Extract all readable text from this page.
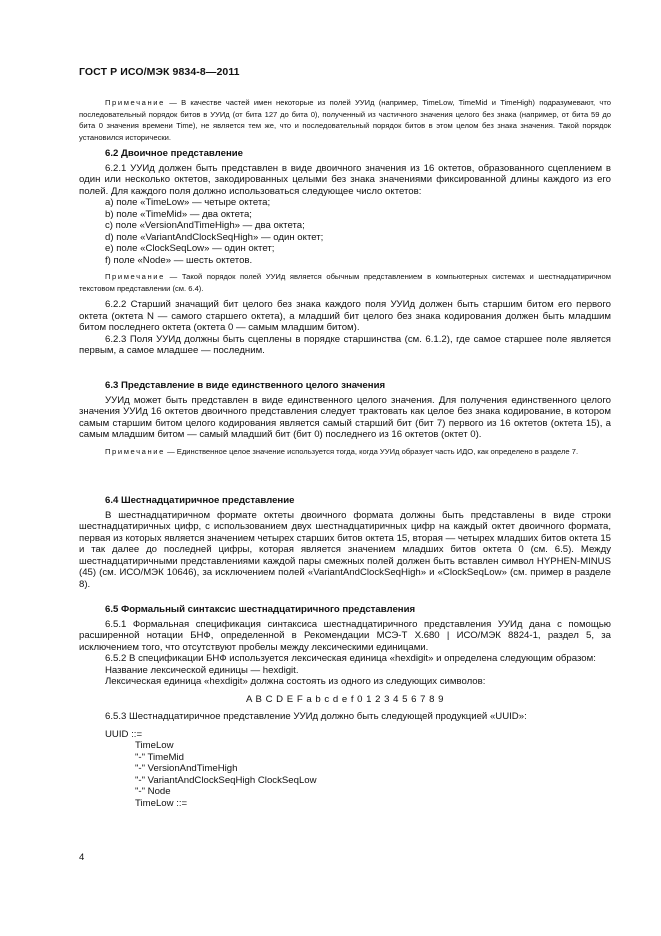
ГОСТ Р ИСО/МЭК 9834-8—2011
Примечание — В качестве частей имен некоторые из полей УУИд (например, TimeLow, TimeMid и TimeHigh) подразумевают, что последовательный порядок битов в УУИд (от бита 127 до бита 0), полученный из частичного значения целого без знака (например, от бита 59 до бита 0 значения времени Time), не является тем же, что и последовательный порядок битов в этом целом без знака значения. Такой порядок установился исторически.
6.2 Двоичное представление
6.2.1 УУИд должен быть представлен в виде двоичного значения из 16 октетов, образованного сцеплением в один или несколько октетов, закодированных целыми без знака значениями фиксированной длины каждого из его полей. Для каждого поля должно использоваться следующее число октетов:
a) поле «TimeLow» — четыре октета;
b) поле «TimeMid» — два октета;
c) поле «VersionAndTimeHigh» — два октета;
d) поле «VariantAndClockSeqHigh» — один октет;
e) поле «ClockSeqLow» — один октет;
f) поле «Node» — шесть октетов.
Примечание — Такой порядок полей УУИд является обычным представлением в компьютерных системах и шестнадцатиричном текстовом представлении (см. 6.4).
6.2.2 Старший значащий бит целого без знака каждого поля УУИд должен быть старшим битом его первого октета (октета N — самого старшего октета), а младший бит целого без знака кодирования должен быть младшим битом последнего октета (октета 0 — самым младшим битом).
6.2.3 Поля УУИд должны быть сцеплены в порядке старшинства (см. 6.1.2), где самое старшее поле является первым, а самое младшее — последним.
6.3 Представление в виде единственного целого значения
УУИд может быть представлен в виде единственного целого значения. Для получения единственного целого значения УУИд 16 октетов двоичного представления следует трактовать как целое без знака кодирование, в котором самым старшим битом целого кодирования является самый старший бит (бит 7) первого из 16 октетов (октета 15), а самым младшим битом — самый младший бит (бит 0) последнего из 16 октетов (октет 0).
Примечание — Единственное целое значение используется тогда, когда УУИд образует часть ИДО, как определено в разделе 7.
6.4 Шестнадцатиричное представление
В шестнадцатиричном формате октеты двоичного формата должны быть представлены в виде строки шестнадцатиричных цифр, с использованием двух шестнадцатиричных цифр на каждый октет двоичного формата, первая из которых является значением четырех старших битов октета 15, вторая — четырех младших битов октета 15 и так далее до последней цифры, которая является значением младших битов октета 0 (см. 6.5). Между шестнадцатиричными представлениями каждой пары смежных полей должен быть вставлен символ HYPHEN-MINUS (45) (см. ИСО/МЭК 10646), за исключением полей «VariantAndClockSeqHigh» и «ClockSeqLow» (см. пример в разделе 8).
6.5 Формальный синтаксис шестнадцатиричного представления
6.5.1 Формальная спецификация синтаксиса шестнадцатиричного представления УУИд дана с помощью расширенной нотации БНФ, определенной в Рекомендации МСЭ-Т Х.680 | ИСО/МЭК 8824-1, раздел 5, за исключением того, что отсутствуют пробелы между лексическими единицами.
6.5.2 В спецификации БНФ используется лексическая единица «hexdigit» и определена следующим образом:
Название лексической единицы — hexdigit.
Лексическая единица «hexdigit» должна состоять из одного из следующих символов:
A B C D E F a b c d e f 0 1 2 3 4 5 6 7 8 9
6.5.3 Шестнадцатиричное представление УУИд должно быть следующей продукцией «UUID»:
UUID ::=
TimeLow
"-" TimeMid
"-" VersionAndTimeHigh
"-" VariantAndClockSeqHigh ClockSeqLow
"-" Node
TimeLow ::=
4
